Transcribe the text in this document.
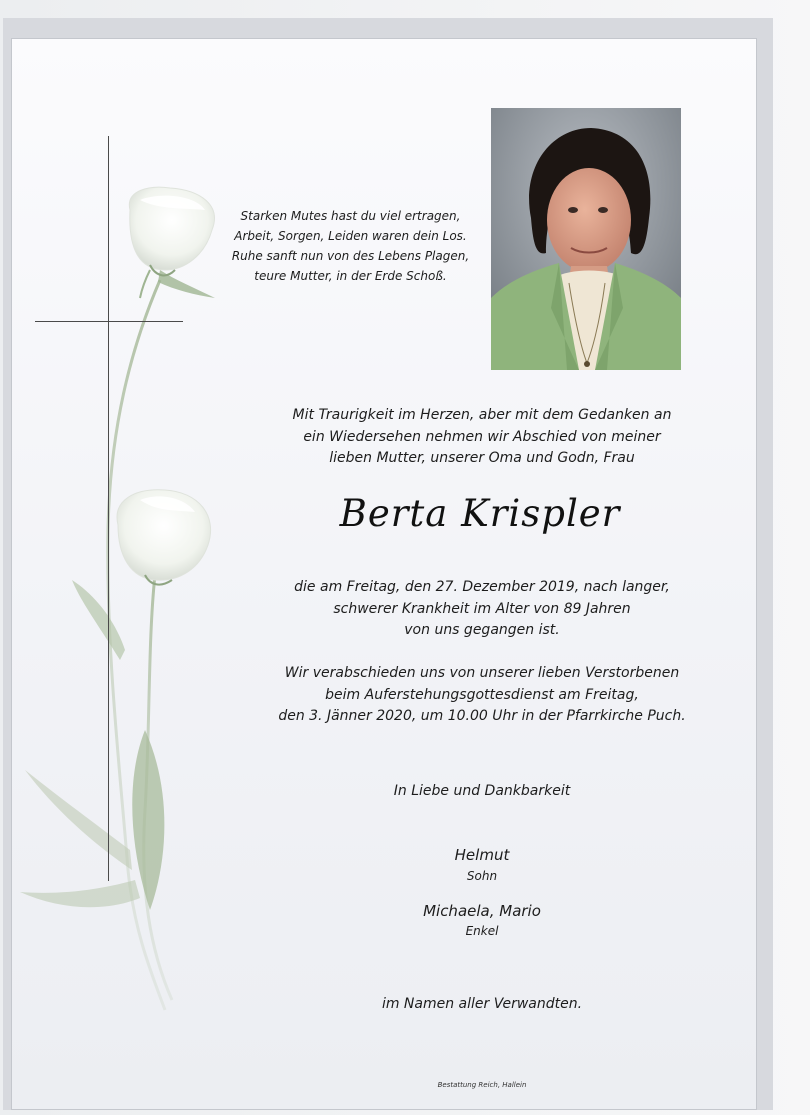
Starken Mutes hast du viel ertragen,
Arbeit, Sorgen, Leiden waren dein Los.
Ruhe sanft nun von des Lebens Plagen,
teure Mutter, in der Erde Schoß.
Mit Traurigkeit im Herzen, aber mit dem Gedanken an
ein Wiedersehen nehmen wir Abschied von meiner
lieben Mutter, unserer Oma und Godn, Frau
Berta Krispler
die am Freitag, den 27. Dezember 2019, nach langer,
schwerer Krankheit im Alter von 89 Jahren
von uns gegangen ist.
Wir verabschieden uns von unserer lieben Verstorbenen
beim Auferstehungsgottesdienst am Freitag,
den 3. Jänner 2020, um 10.00 Uhr in der Pfarrkirche Puch.
In Liebe und Dankbarkeit
Helmut
Sohn
Michaela, Mario
Enkel
im Namen aller Verwandten.
Bestattung Reich, Hallein
